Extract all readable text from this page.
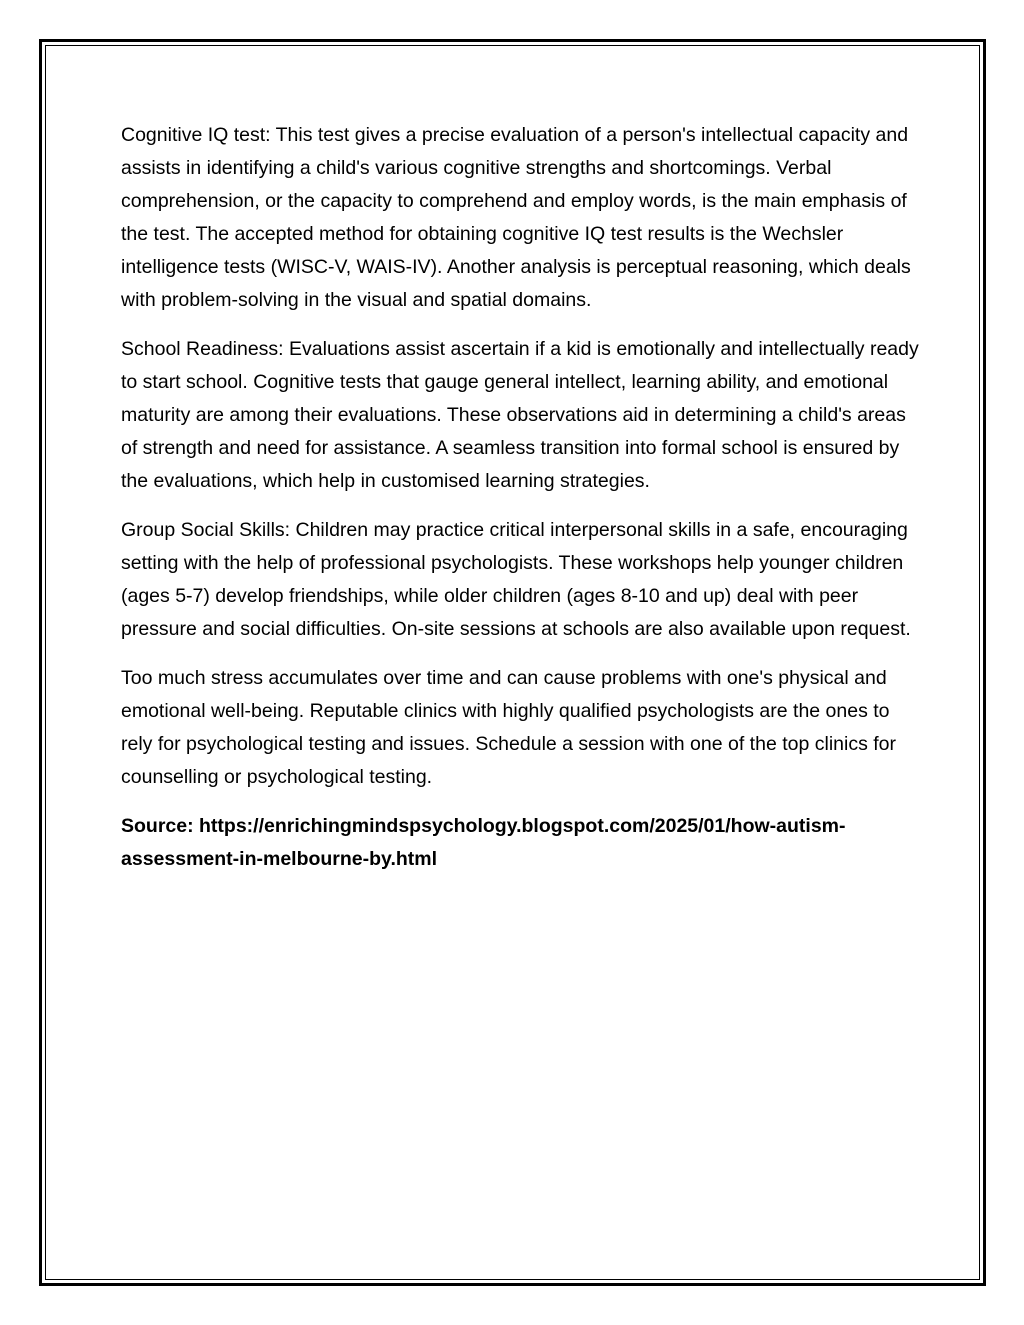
Cognitive IQ test: This test gives a precise evaluation of a person's intellectual capacity and assists in identifying a child's various cognitive strengths and shortcomings. Verbal comprehension, or the capacity to comprehend and employ words, is the main emphasis of the test. The accepted method for obtaining cognitive IQ test results is the Wechsler intelligence tests (WISC-V, WAIS-IV). Another analysis is perceptual reasoning, which deals with problem-solving in the visual and spatial domains.

School Readiness: Evaluations assist ascertain if a kid is emotionally and intellectually ready to start school. Cognitive tests that gauge general intellect, learning ability, and emotional maturity are among their evaluations. These observations aid in determining a child's areas of strength and need for assistance. A seamless transition into formal school is ensured by the evaluations, which help in customised learning strategies.

Group Social Skills: Children may practice critical interpersonal skills in a safe, encouraging setting with the help of professional psychologists. These workshops help younger children (ages 5-7) develop friendships, while older children (ages 8-10 and up) deal with peer pressure and social difficulties. On-site sessions at schools are also available upon request.

Too much stress accumulates over time and can cause problems with one's physical and emotional well-being. Reputable clinics with highly qualified psychologists are the ones to rely for psychological testing and issues. Schedule a session with one of the top clinics for counselling or psychological testing.

Source: https://enrichingmindspsychology.blogspot.com/2025/01/how-autism-assessment-in-melbourne-by.html
